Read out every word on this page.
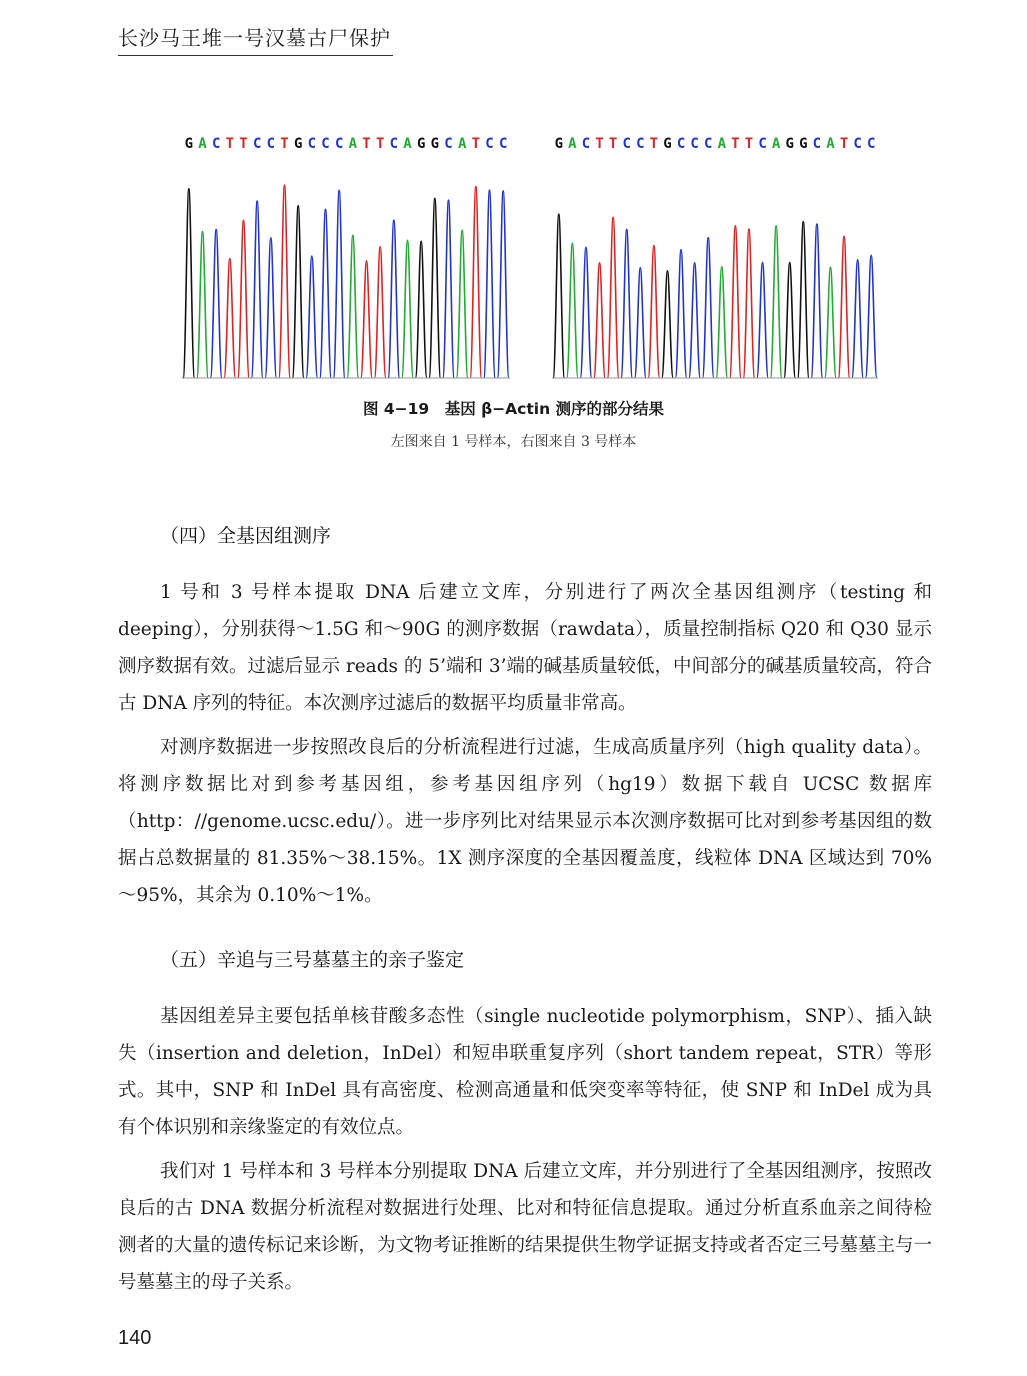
长沙马王堆一号汉墓古尸保护
G A C T T C C T G C C C A T T C A G G C A T C C	G A C T T C C T G C C C A T T C A G G C A T C C
图 4−19　基因 β−Actin 测序的部分结果
左图来自 1 号样本，右图来自 3 号样本
（四）全基因组测序

1 号和 3 号样本提取 DNA 后建立文库，分别进行了两次全基因组测序（testing 和 deeping），分别获得～1.5G 和～90G 的测序数据（rawdata），质量控制指标 Q20 和 Q30 显示测序数据有效。过滤后显示 reads 的 5’端和 3’端的碱基质量较低，中间部分的碱基质量较高，符合古 DNA 序列的特征。本次测序过滤后的数据平均质量非常高。

对测序数据进一步按照改良后的分析流程进行过滤，生成高质量序列（high quality data）。将测序数据比对到参考基因组，参考基因组序列（hg19）数据下载自 UCSC 数据库（http：//genome.ucsc.edu/）。进一步序列比对结果显示本次测序数据可比对到参考基因组的数据占总数据量的 81.35%～38.15%。1X 测序深度的全基因覆盖度，线粒体 DNA 区域达到 70%～95%，其余为 0.10%～1%。

（五）辛追与三号墓墓主的亲子鉴定

基因组差异主要包括单核苷酸多态性（single nucleotide polymorphism，SNP）、插入缺失（insertion and deletion，InDel）和短串联重复序列（short tandem repeat，STR）等形式。其中，SNP 和 InDel 具有高密度、检测高通量和低突变率等特征，使 SNP 和 InDel 成为具有个体识别和亲缘鉴定的有效位点。

我们对 1 号样本和 3 号样本分别提取 DNA 后建立文库，并分别进行了全基因组测序，按照改良后的古 DNA 数据分析流程对数据进行处理、比对和特征信息提取。通过分析直系血亲之间待检测者的大量的遗传标记来诊断，为文物考证推断的结果提供生物学证据支持或者否定三号墓墓主与一号墓墓主的母子关系。

140
